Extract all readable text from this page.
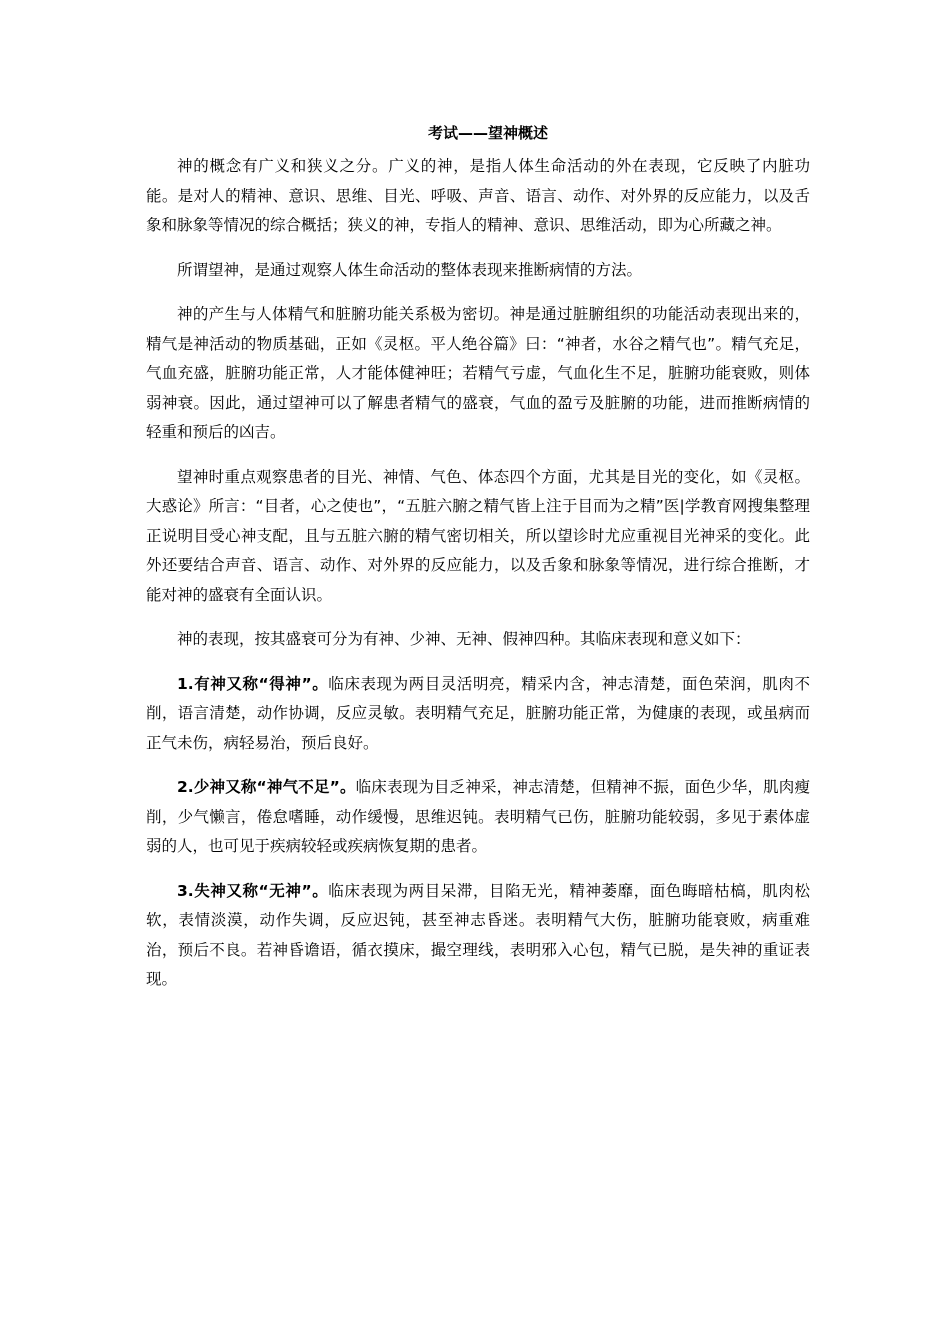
考试——望神概述

神的概念有广义和狭义之分。广义的神，是指人体生命活动的外在表现，它反映了内脏功能。是对人的精神、意识、思维、目光、呼吸、声音、语言、动作、对外界的反应能力，以及舌象和脉象等情况的综合概括；狭义的神，专指人的精神、意识、思维活动，即为心所藏之神。

所谓望神，是通过观察人体生命活动的整体表现来推断病情的方法。

神的产生与人体精气和脏腑功能关系极为密切。神是通过脏腑组织的功能活动表现出来的，精气是神活动的物质基础，正如《灵枢。平人绝谷篇》曰：“神者，水谷之精气也”。精气充足，气血充盛，脏腑功能正常，人才能体健神旺；若精气亏虚，气血化生不足，脏腑功能衰败，则体弱神衰。因此，通过望神可以了解患者精气的盛衰，气血的盈亏及脏腑的功能，进而推断病情的轻重和预后的凶吉。

望神时重点观察患者的目光、神情、气色、体态四个方面，尤其是目光的变化，如《灵枢。大惑论》所言：“目者，心之使也”，“五脏六腑之精气皆上注于目而为之精”医|学教育网搜集整理正说明目受心神支配，且与五脏六腑的精气密切相关，所以望诊时尤应重视目光神采的变化。此外还要结合声音、语言、动作、对外界的反应能力，以及舌象和脉象等情况，进行综合推断，才能对神的盛衰有全面认识。

神的表现，按其盛衰可分为有神、少神、无神、假神四种。其临床表现和意义如下：

1.有神又称“得神”。临床表现为两目灵活明亮，精采内含，神志清楚，面色荣润，肌肉不削，语言清楚，动作协调，反应灵敏。表明精气充足，脏腑功能正常，为健康的表现，或虽病而正气未伤，病轻易治，预后良好。

2.少神又称“神气不足”。临床表现为目乏神采，神志清楚，但精神不振，面色少华，肌肉瘦削，少气懒言，倦怠嗜睡，动作缓慢，思维迟钝。表明精气已伤，脏腑功能较弱，多见于素体虚弱的人，也可见于疾病较轻或疾病恢复期的患者。

3.失神又称“无神”。临床表现为两目呆滞，目陷无光，精神萎靡，面色晦暗枯槁，肌肉松软，表情淡漠，动作失调，反应迟钝，甚至神志昏迷。表明精气大伤，脏腑功能衰败，病重难治，预后不良。若神昏谵语，循衣摸床，撮空理线，表明邪入心包，精气已脱，是失神的重证表现。
